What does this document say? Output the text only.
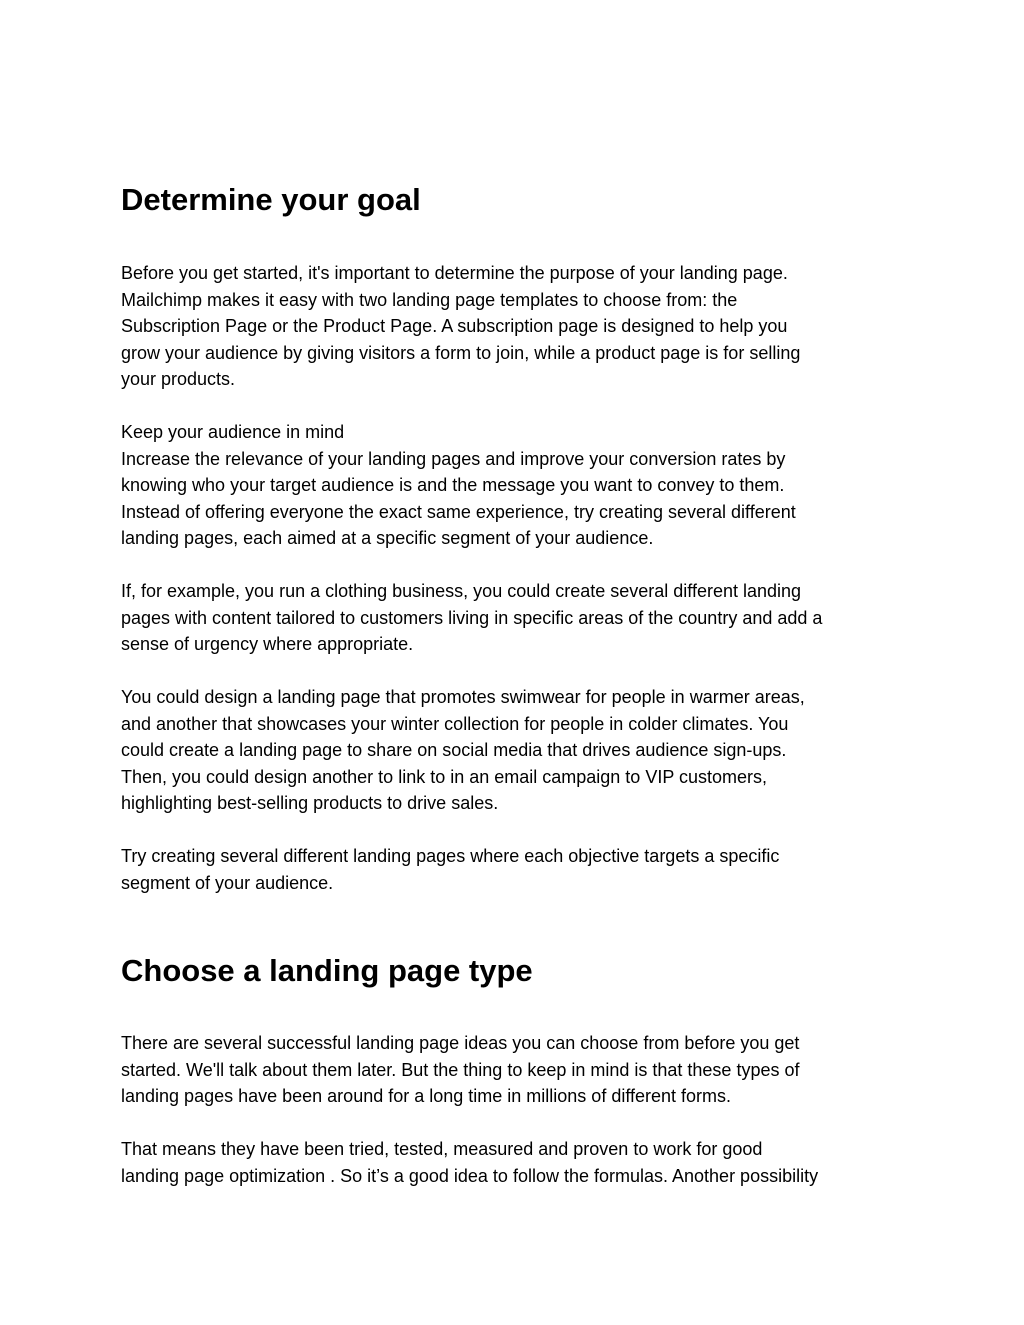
Determine your goal

Before you get started, it's important to determine the purpose of your landing page.
Mailchimp makes it easy with two landing page templates to choose from: the
Subscription Page or the Product Page. A subscription page is designed to help you
grow your audience by giving visitors a form to join, while a product page is for selling
your products.

Keep your audience in mind
Increase the relevance of your landing pages and improve your conversion rates by
knowing who your target audience is and the message you want to convey to them.
Instead of offering everyone the exact same experience, try creating several different
landing pages, each aimed at a specific segment of your audience.

If, for example, you run a clothing business, you could create several different landing
pages with content tailored to customers living in specific areas of the country and add a
sense of urgency where appropriate.

You could design a landing page that promotes swimwear for people in warmer areas,
and another that showcases your winter collection for people in colder climates. You
could create a landing page to share on social media that drives audience sign-ups.
Then, you could design another to link to in an email campaign to VIP customers,
highlighting best-selling products to drive sales.

Try creating several different landing pages where each objective targets a specific
segment of your audience.

Choose a landing page type

There are several successful landing page ideas you can choose from before you get
started. We'll talk about them later. But the thing to keep in mind is that these types of
landing pages have been around for a long time in millions of different forms.

That means they have been tried, tested, measured and proven to work for good
landing page optimization . So it’s a good idea to follow the formulas. Another possibility
